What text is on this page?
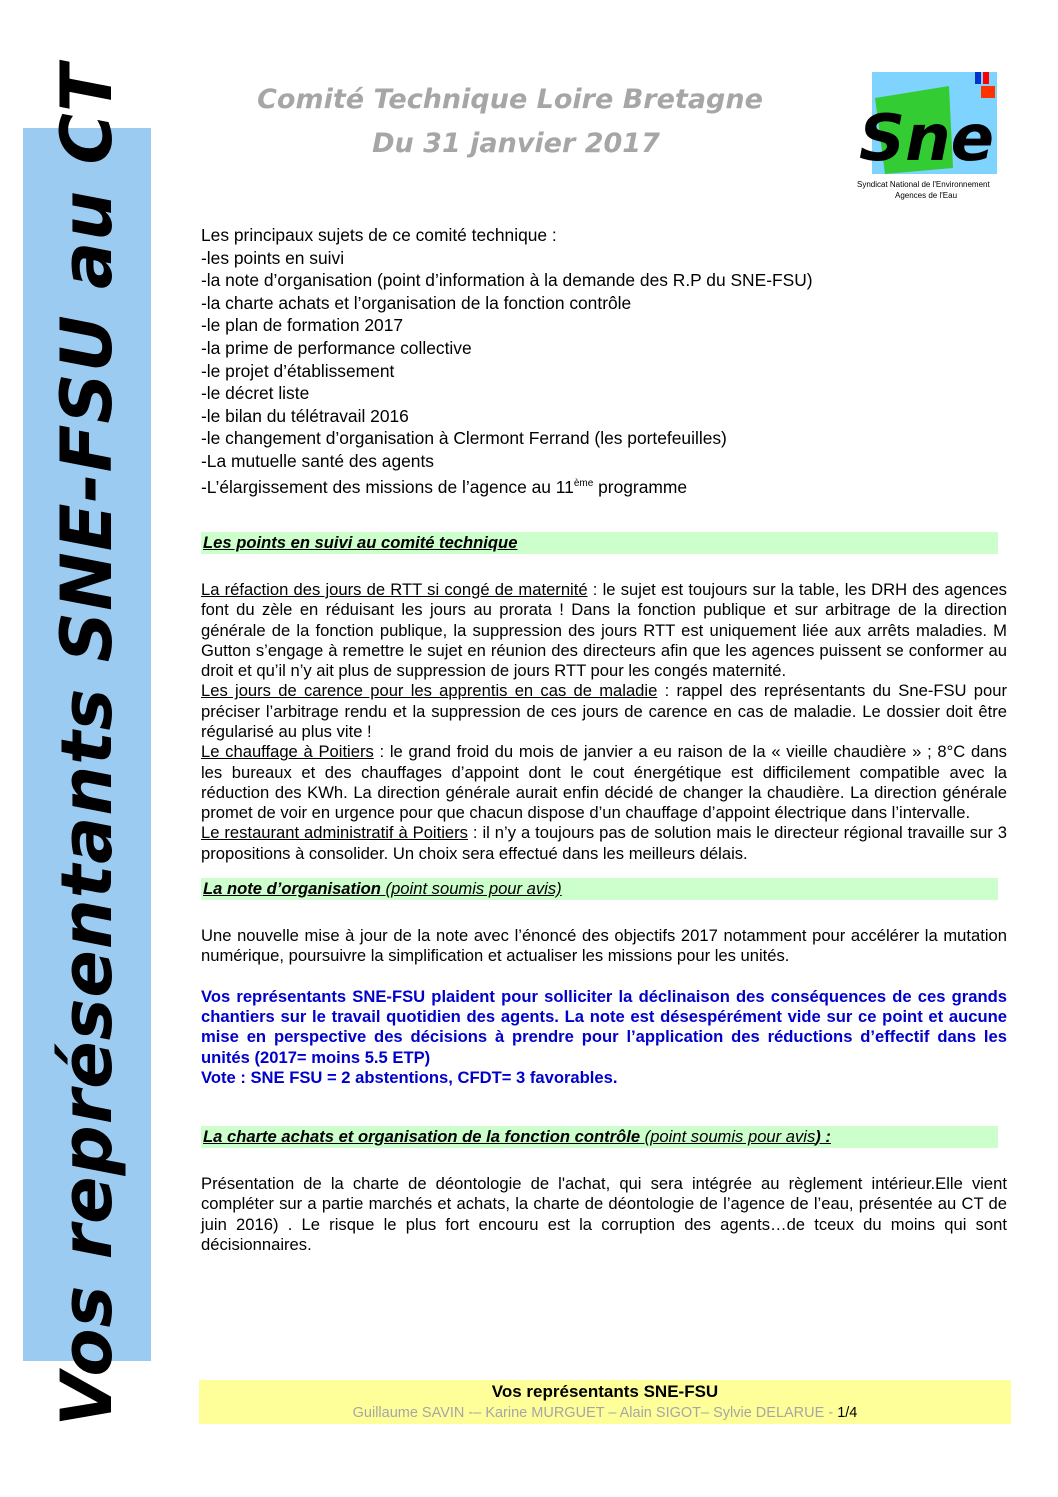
Vos représentants SNE-FSU au CT	Comité Technique Loire Bretagne
Du 31 janvier 2017	Sne
Syndicat National de l'Environnement
Agences de l'Eau
Les principaux sujets de ce comité technique :
-les points en suivi
-la note d’organisation (point d’information à la demande des R.P du SNE-FSU)
-la charte achats et l’organisation de la fonction contrôle
-le plan de formation 2017
-la prime de performance collective
-le projet d’établissement
-le décret liste
-le bilan du télétravail 2016
-le changement d’organisation à Clermont Ferrand (les portefeuilles)
-La mutuelle santé des agents
-L’élargissement des missions de l’agence au 11ème programme
Les points en suivi au comité technique

La réfaction des jours de RTT si congé de maternité : le sujet est toujours sur la table, les DRH des agences font du zèle en réduisant les jours au prorata ! Dans la fonction publique et sur arbitrage de la direction générale de la fonction publique, la suppression des jours RTT est uniquement liée aux arrêts maladies. M Gutton s’engage à remettre le sujet en réunion des directeurs afin que les agences puissent se conformer au droit et qu’il n’y ait plus de suppression de jours RTT pour les congés maternité.

Les jours de carence pour les apprentis en cas de maladie : rappel des représentants du Sne-FSU pour préciser l’arbitrage rendu et la suppression de ces jours de carence en cas de maladie. Le dossier doit être régularisé au plus vite !

Le chauffage à Poitiers : le grand froid du mois de janvier a eu raison de la « vieille chaudière » ; 8°C dans les bureaux et des chauffages d’appoint dont le cout énergétique est difficilement compatible avec la réduction des KWh. La direction générale aurait enfin décidé de changer la chaudière. La direction générale promet de voir en urgence pour que chacun dispose d’un chauffage d’appoint électrique dans l’intervalle.

Le restaurant administratif à Poitiers : il n’y a toujours pas de solution mais le directeur régional travaille sur 3 propositions à consolider. Un choix sera effectué dans les meilleurs délais.

La note d’organisation (point soumis pour avis)

Une nouvelle mise à jour de la note avec l’énoncé des objectifs 2017 notamment pour accélérer la mutation numérique, poursuivre la simplification et actualiser les missions pour les unités.

Vos représentants SNE-FSU plaident pour solliciter la déclinaison des conséquences de ces grands chantiers sur le travail quotidien des agents. La note est désespérément vide sur ce point et aucune mise en perspective des décisions à prendre pour l’application des réductions d’effectif dans les unités (2017= moins 5.5 ETP)

Vote : SNE FSU = 2 abstentions, CFDT= 3 favorables.

La charte achats et organisation de la fonction contrôle (point soumis pour avis) :

Présentation de la charte de déontologie de l'achat, qui sera intégrée au règlement intérieur.Elle vient compléter sur a partie marchés et achats, la charte de déontologie de l’agence de l’eau, présentée au CT de juin 2016) . Le risque le plus fort encouru est la corruption des agents…de tceux du moins qui sont décisionnaires.

Vos représentants SNE-FSU
Guillaume SAVIN -– Karine MURGUET – Alain SIGOT– Sylvie DELARUE - 1/4
